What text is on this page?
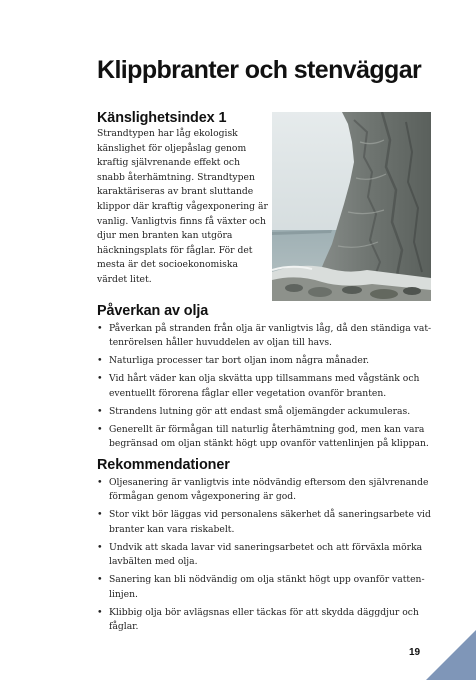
Klippbranter och stenväggar
Känslighetsindex 1

Strandtypen har låg ekologisk känslighet för oljepåslag genom kraftig självrenande effekt och snabb återhämtning. Strandtypen karaktäriseras av brant sluttande klippor där kraftig vågexponering är vanlig. Vanligtvis finns få växter och djur men branten kan utgöra häckningsplats för fåglar. För det mesta är det socioekonomiska värdet litet.

Påverkan av olja
• Påverkan på stranden från olja är vanligtvis låg, då den ständiga vattenrörelsen håller huvuddelen av oljan till havs.
• Naturliga processer tar bort oljan inom några månader.
• Vid hårt väder kan olja skvätta upp tillsammans med vågstänk och eventuellt förorena fåglar eller vegetation ovanför branten.
• Strandens lutning gör att endast små oljemängder ackumuleras.
• Generellt är förmågan till naturlig återhämtning god, men kan vara begränsad om oljan stänkt högt upp ovanför vattenlinjen på klippan.
Rekommendationer
• Oljesanering är vanligtvis inte nödvändig eftersom den självrenande förmågan genom vågexponering är god.
• Stor vikt bör läggas vid personalens säkerhet då saneringsarbete vid branter kan vara riskabelt.
• Undvik att skada lavar vid saneringsarbetet och att förväxla mörka lavbälten med olja.
• Sanering kan bli nödvändig om olja stänkt högt upp ovanför vattenlinjen.
• Klibbig olja bör avlägsnas eller täckas för att skydda däggdjur och fåglar.
19
